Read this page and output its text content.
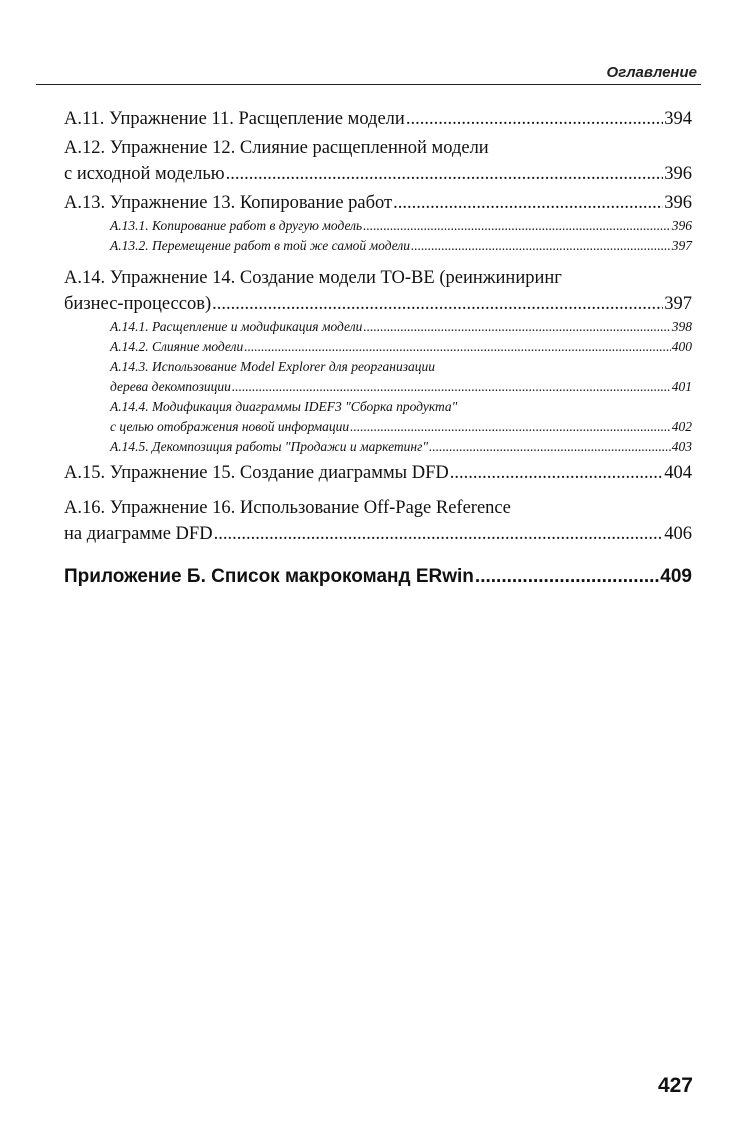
Оглавление
А.11. Упражнение 11. Расщепление модели .....	394
А.12. Упражнение 12. Слияние расщепленной модели
с исходной моделью .....	396
А.13. Упражнение 13. Копирование работ .....	396
А.13.1. Копирование работ в другую модель .....	396
А.13.2. Перемещение работ в той же самой модели .....	397
А.14. Упражнение 14. Создание модели ТО-ВЕ (реинжиниринг
бизнес-процессов) .....	397
А.14.1. Расщепление и модификация модели .....	398
А.14.2. Слияние модели .....	400
А.14.3. Использование Model Explorer для реорганизации
дерева декомпозиции .....	401
А.14.4. Модификация диаграммы IDEF3 "Сборка продукта"
с целью отображения новой информации .....	402
А.14.5. Декомпозиция работы "Продажи и маркетинг" .....	403
А.15. Упражнение 15. Создание диаграммы DFD .....	404
А.16. Упражнение 16. Использование Off-Page Reference
на диаграмме DFD .....	406
Приложение Б. Список макрокоманд ERwin .....	409
427
